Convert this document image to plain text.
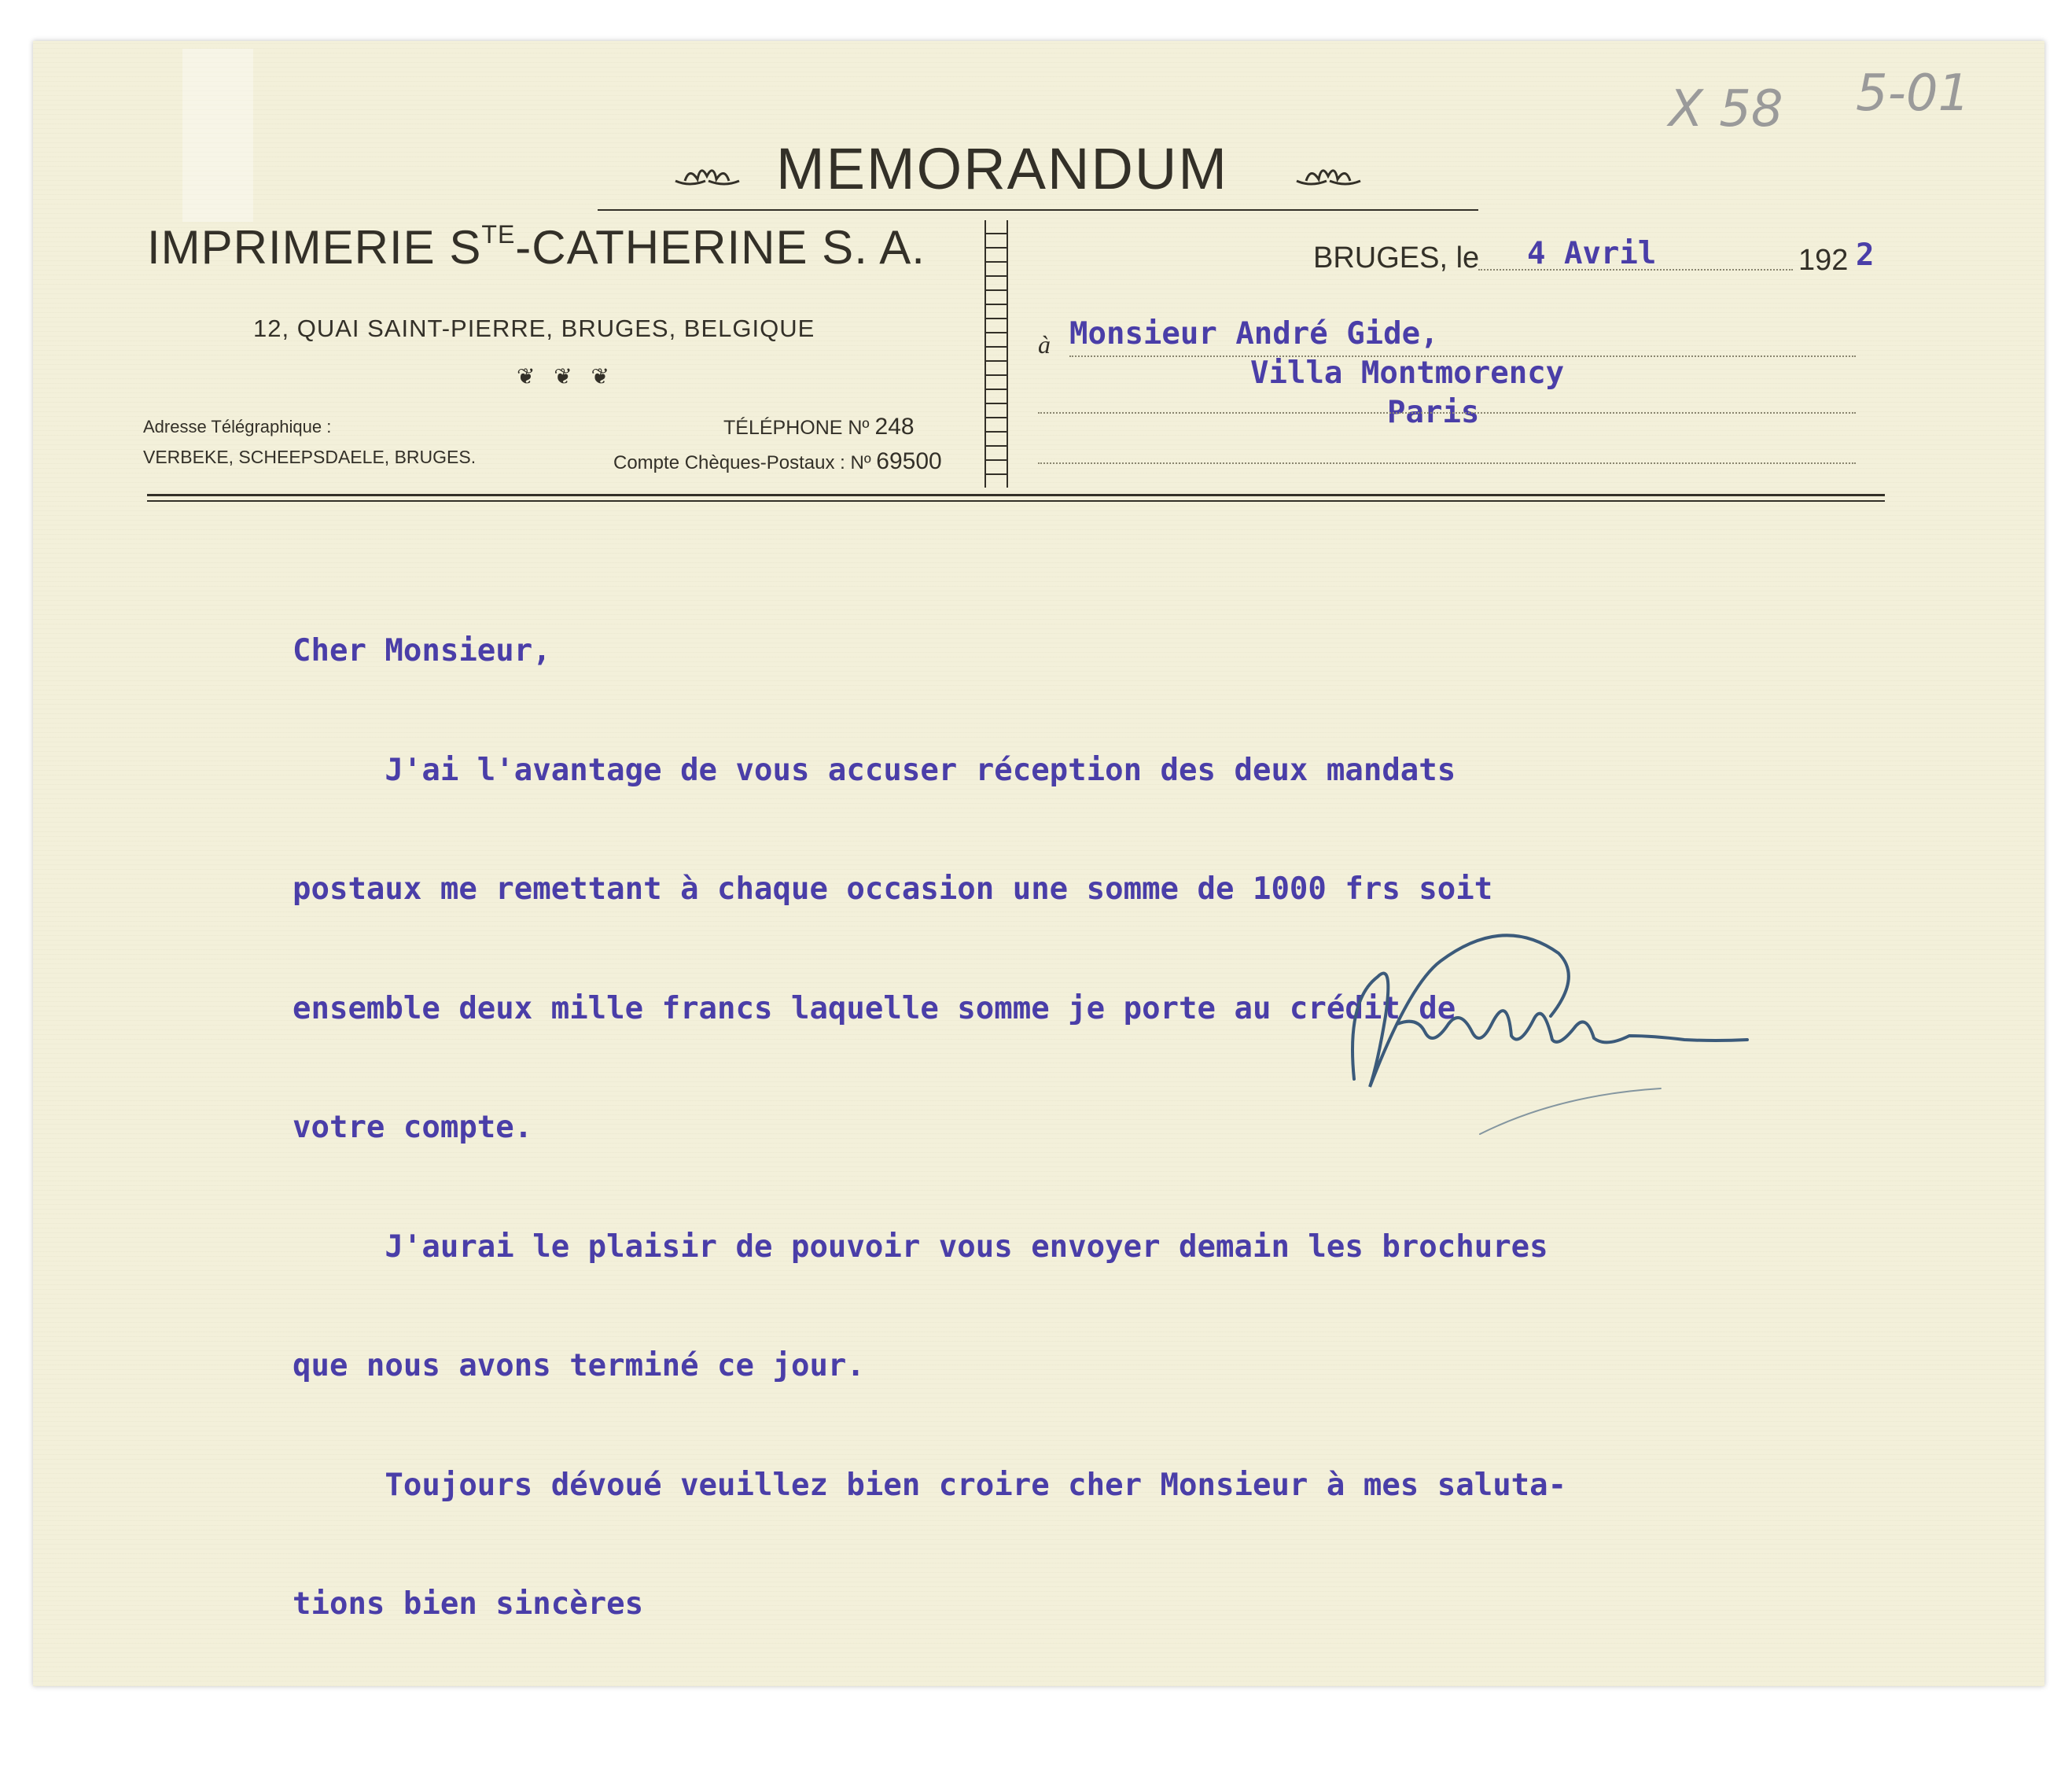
X 58 5-01
MEMORANDUM
IMPRIMERIE $S^{TE}$-CATHERINE S. A.
12, QUAI SAINT-PIERRE, BRUGES, BELGIQUE
❦ ❦ ❦
Adresse Télégraphique :
VERBEKE, SCHEEPSDAELE, BRUGES.
TÉLÉPHONE Nº 248
Compte Chèques-Postaux : Nº 69500
BRUGES, le 4 Avril	192 2
à Monsieur André Gide,
Villa Montmorency
Paris

Cher Monsieur,

J'ai l'avantage de vous accuser réception des deux mandats

postaux me remettant à chaque occasion une somme de 1000 frs soit

ensemble deux mille francs laquelle somme je porte au crédit de

votre compte.

J'aurai le plaisir de pouvoir vous envoyer demain les brochures

que nous avons terminé ce jour.

Toujours dévoué veuillez bien croire cher Monsieur à mes saluta-

tions bien sincères
